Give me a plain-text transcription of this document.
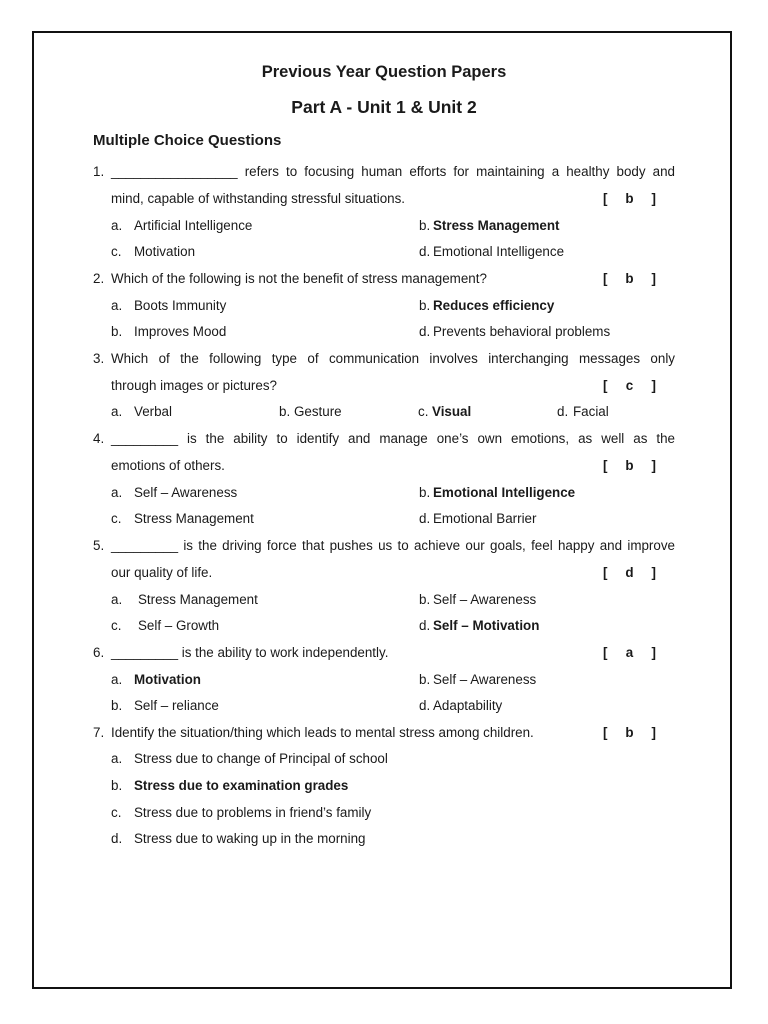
Previous Year Question Papers
Part A - Unit 1 & Unit 2
Multiple Choice Questions
1. _________________ refers to focusing human efforts for maintaining a healthy body and
mind, capable of withstanding stressful situations.	[ b ]
a. Artificial Intelligence	b. Stress Management
c. Motivation	d. Emotional Intelligence
2. Which of the following is not the benefit of stress management?	[ b ]
a. Boots Immunity	b. Reduces efficiency
b. Improves Mood	d. Prevents behavioral problems
3. Which of the following type of communication involves interchanging messages only
through images or pictures?	[ c ]
a. Verbal	b. Gesture	c. Visual	d. Facial
4. _________ is the ability to identify and manage one’s own emotions, as well as the
emotions of others.	[ b ]
a. Self – Awareness	b. Emotional Intelligence
c. Stress Management	d. Emotional Barrier
5. _________ is the driving force that pushes us to achieve our goals, feel happy and improve
our quality of life.	[ d ]
a. Stress Management	b. Self – Awareness
c. Self – Growth	d. Self – Motivation
6. _________ is the ability to work independently.	[ a ]
a. Motivation	b. Self – Awareness
b. Self – reliance	d. Adaptability
7. Identify the situation/thing which leads to mental stress among children.	[ b ]
a. Stress due to change of Principal of school
b. Stress due to examination grades
c. Stress due to problems in friend’s family
d. Stress due to waking up in the morning
